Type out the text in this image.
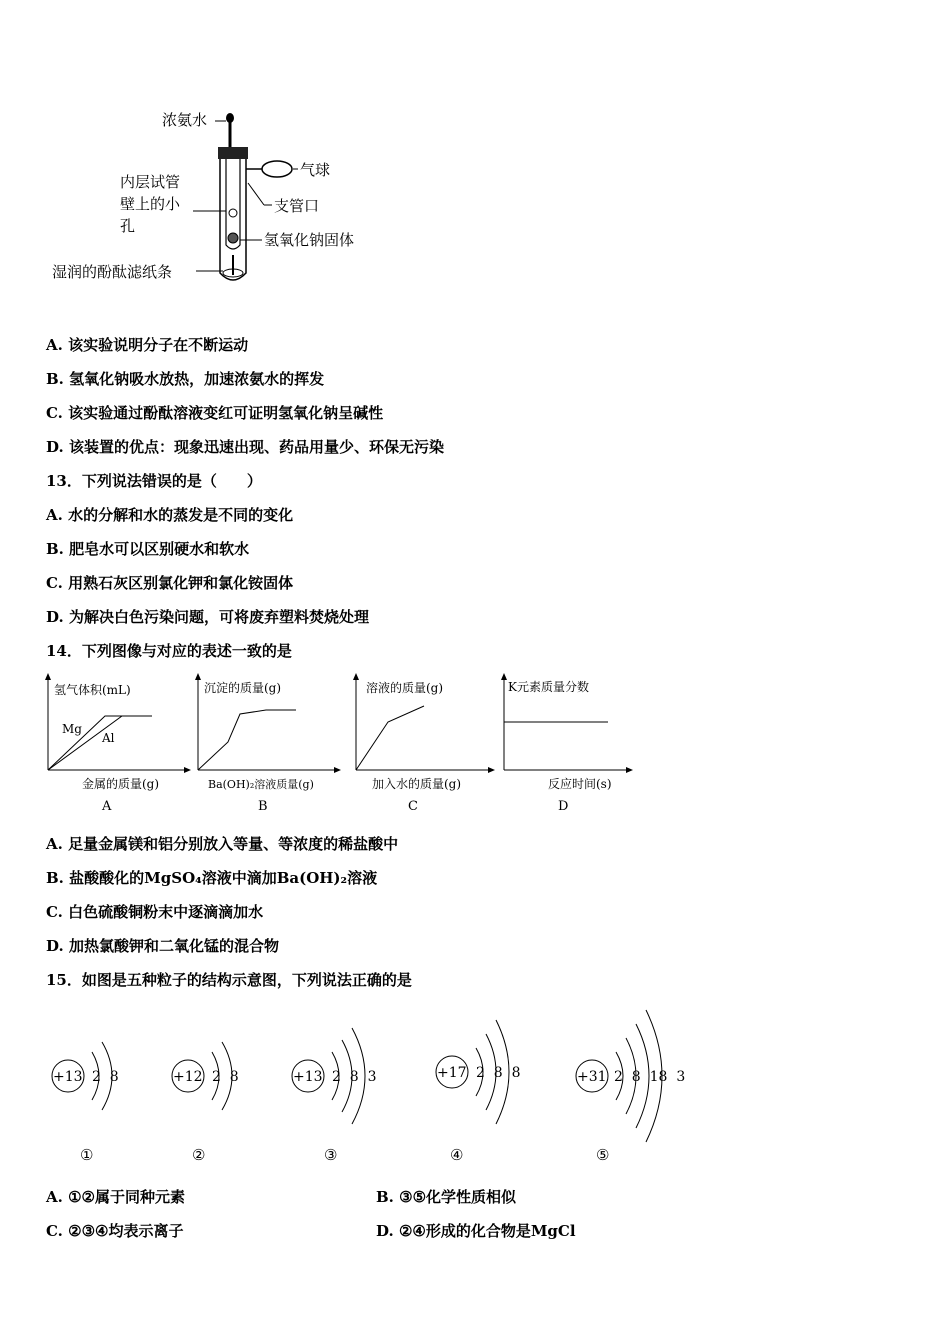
浓氨水
气球
内层试管
壁上的小
孔
支管口
氢氧化钠固体
湿润的酚酞滤纸条
A. 该实验说明分子在不断运动
B. 氢氧化钠吸水放热，加速浓氨水的挥发
C. 该实验通过酚酞溶液变红可证明氢氧化钠呈碱性
D. 该装置的优点：现象迅速出现、药品用量少、环保无污染
13．下列说法错误的是（　　）
A. 水的分解和水的蒸发是不同的变化
B. 肥皂水可以区别硬水和软水
C. 用熟石灰区别氯化钾和氯化铵固体
D. 为解决白色污染问题，可将废弃塑料焚烧处理
14．下列图像与对应的表述一致的是
氢气体积(mL)
Mg
Al
金属的质量(g)
A
沉淀的质量(g)
Ba(OH)₂溶液质量(g)
B
溶液的质量(g)
加入水的质量(g)
C
K元素质量分数
反应时间(s)
D
A. 足量金属镁和铝分别放入等量、等浓度的稀盐酸中
B. 盐酸酸化的MgSO₄溶液中滴加Ba(OH)₂溶液
C. 白色硫酸铜粉末中逐滴滴加水
D. 加热氯酸钾和二氧化锰的混合物
15．如图是五种粒子的结构示意图，下列说法正确的是
+13 2  8
①
+12 2  8
②
+13 2  8  3
③
+17 2  8  8
④
+31 2  8  18  3
⑤
A. ①②属于同种元素	B. ③⑤化学性质相似
C. ②③④均表示离子	D. ②④形成的化合物是MgCl
